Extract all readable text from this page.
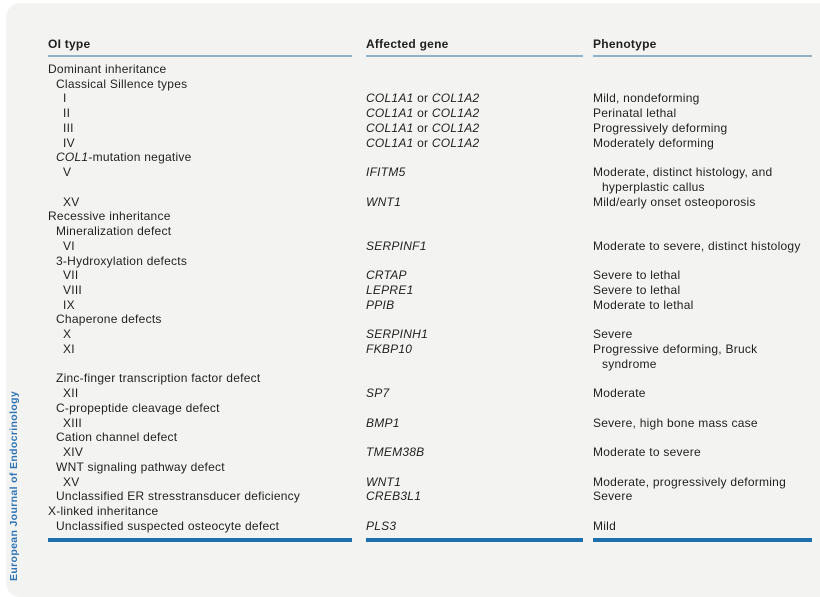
European Journal of Endocrinology
OI type	Affected gene	Phenotype
Dominant inheritance
Classical Sillence types
I	COL1A1 or COL1A2	Mild, nondeforming
II	COL1A1 or COL1A2	Perinatal lethal
III	COL1A1 or COL1A2	Progressively deforming
IV	COL1A1 or COL1A2	Moderately deforming
COL1-mutation negative
V	IFITM5	Moderate, distinct histology, and
hyperplastic callus
XV	WNT1	Mild/early onset osteoporosis
Recessive inheritance
Mineralization defect
VI	SERPINF1	Moderate to severe, distinct histology
3-Hydroxylation defects
VII	CRTAP	Severe to lethal
VIII	LEPRE1	Severe to lethal
IX	PPIB	Moderate to lethal
Chaperone defects
X	SERPINH1	Severe
XI	FKBP10	Progressive deforming, Bruck
syndrome
Zinc-finger transcription factor defect
XII	SP7	Moderate
C-propeptide cleavage defect
XIII	BMP1	Severe, high bone mass case
Cation channel defect
XIV	TMEM38B	Moderate to severe
WNT signaling pathway defect
XV	WNT1	Moderate, progressively deforming
Unclassified ER stresstransducer deficiency	CREB3L1	Severe
X-linked inheritance
Unclassified suspected osteocyte defect	PLS3	Mild
